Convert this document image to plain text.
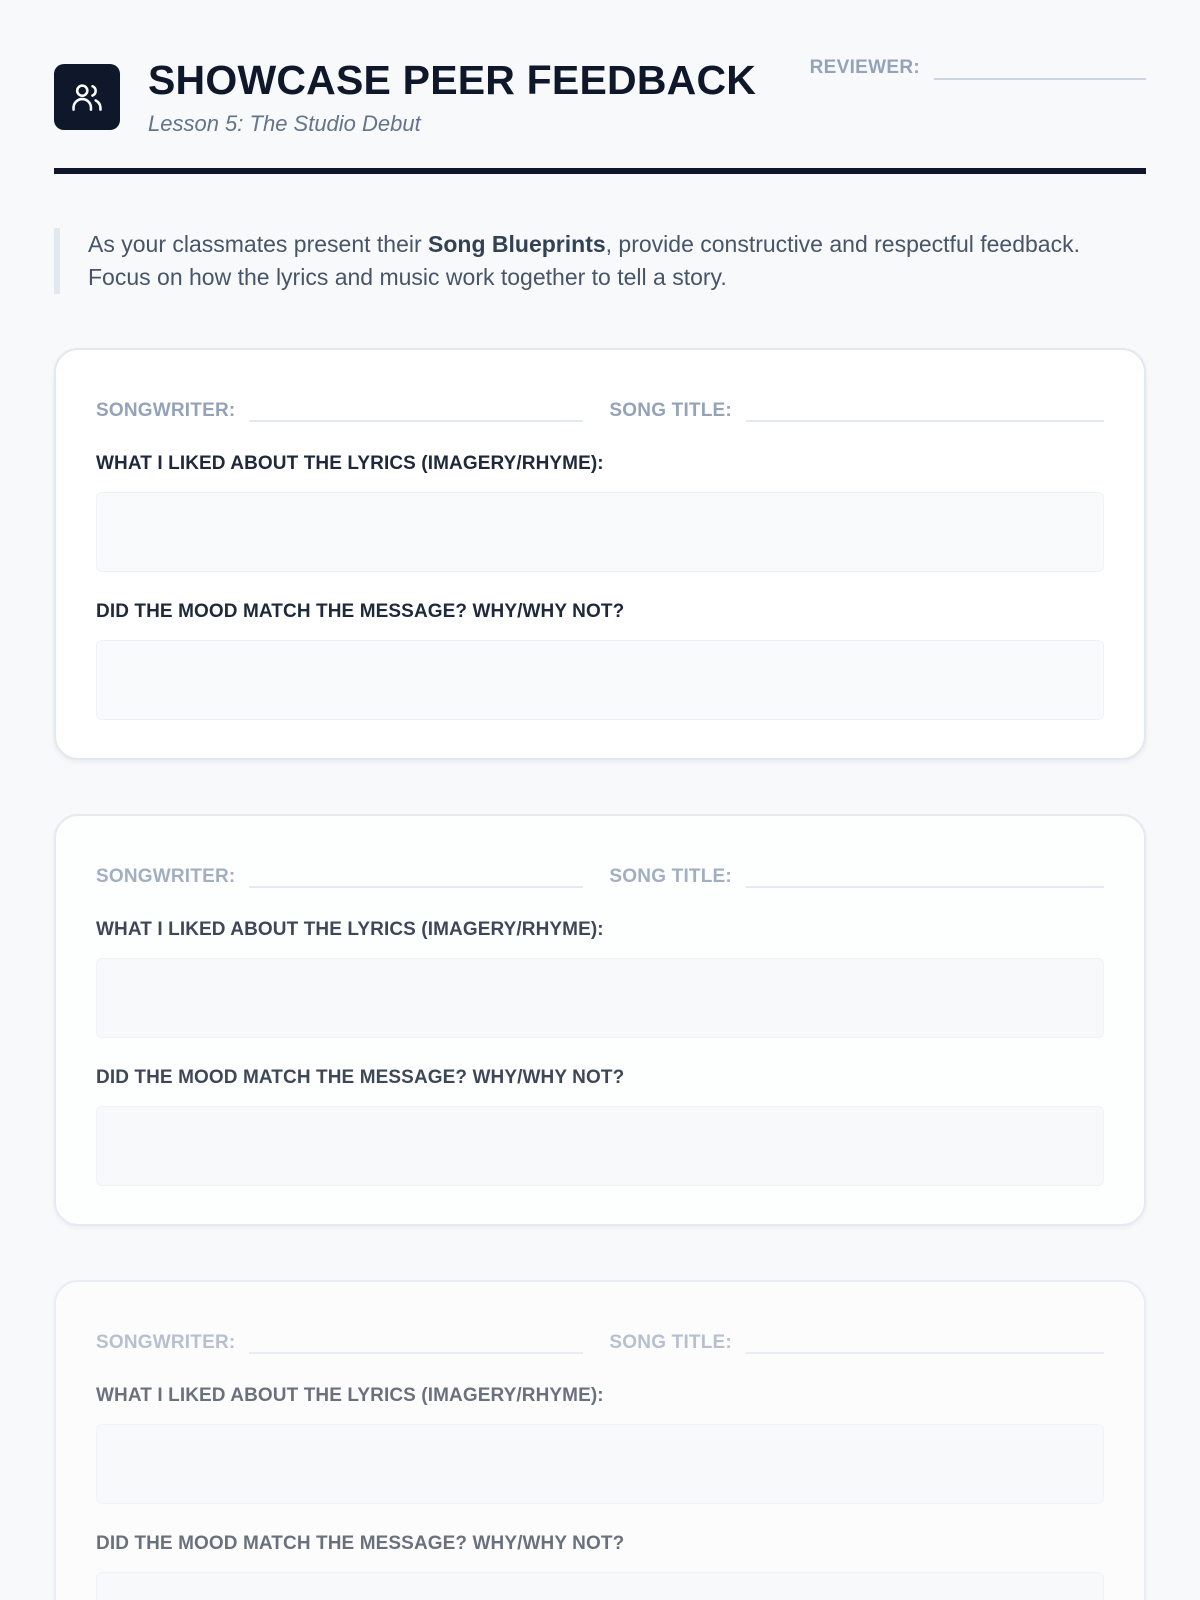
SHOWCASE PEER FEEDBACK
Lesson 5: The Studio Debut
REVIEWER:

As your classmates present their Song Blueprints, provide constructive and respectful feedback. Focus on how the lyrics and music work together to tell a story.

SONGWRITER:	SONG TITLE:
WHAT I LIKED ABOUT THE LYRICS (IMAGERY/RHYME):
DID THE MOOD MATCH THE MESSAGE? WHY/WHY NOT?
SONGWRITER:	SONG TITLE:
WHAT I LIKED ABOUT THE LYRICS (IMAGERY/RHYME):
DID THE MOOD MATCH THE MESSAGE? WHY/WHY NOT?
SONGWRITER:	SONG TITLE:
WHAT I LIKED ABOUT THE LYRICS (IMAGERY/RHYME):
DID THE MOOD MATCH THE MESSAGE? WHY/WHY NOT?
